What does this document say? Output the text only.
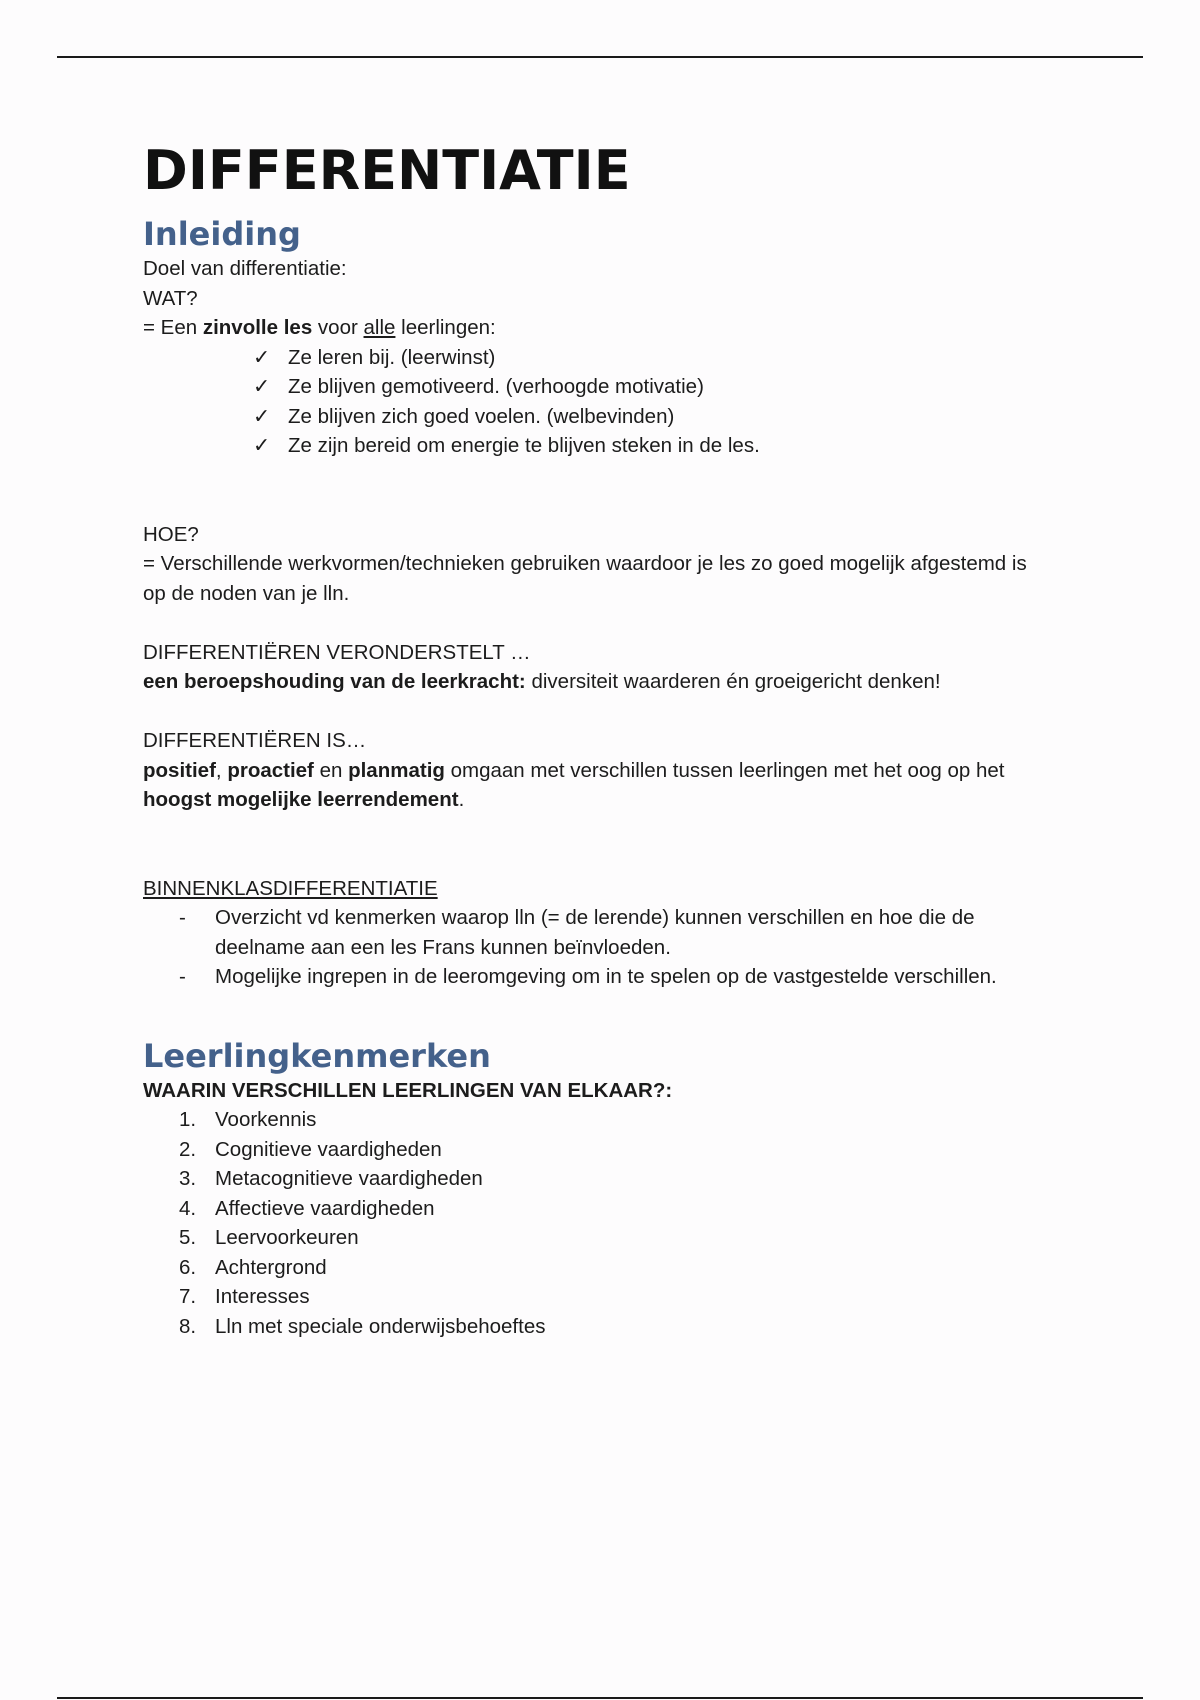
DIFFERENTIATIE
Inleiding

Doel van differentiatie:

WAT?

= Een zinvolle les voor alle leerlingen:

✓ Ze leren bij. (leerwinst)
✓ Ze blijven gemotiveerd. (verhoogde motivatie)
✓ Ze blijven zich goed voelen. (welbevinden)
✓ Ze zijn bereid om energie te blijven steken in de les.

HOE?

= Verschillende werkvormen/technieken gebruiken waardoor je les zo goed mogelijk afgestemd is op de noden van je lln.

DIFFERENTIËREN VERONDERSTELT …

een beroepshouding van de leerkracht: diversiteit waarderen én groeigericht denken!

DIFFERENTIËREN IS…

positief, proactief en planmatig omgaan met verschillen tussen leerlingen met het oog op het hoogst mogelijke leerrendement.

BINNENKLASDIFFERENTIATIE

- Overzicht vd kenmerken waarop lln (= de lerende) kunnen verschillen en hoe die de deelname aan een les Frans kunnen beïnvloeden.
- Mogelijke ingrepen in de leeromgeving om in te spelen op de vastgestelde verschillen.
Leerlingkenmerken

WAARIN VERSCHILLEN LEERLINGEN VAN ELKAAR?:

1. Voorkennis
2. Cognitieve vaardigheden
3. Metacognitieve vaardigheden
4. Affectieve vaardigheden
5. Leervoorkeuren
6. Achtergrond
7. Interesses
8. Lln met speciale onderwijsbehoeftes
